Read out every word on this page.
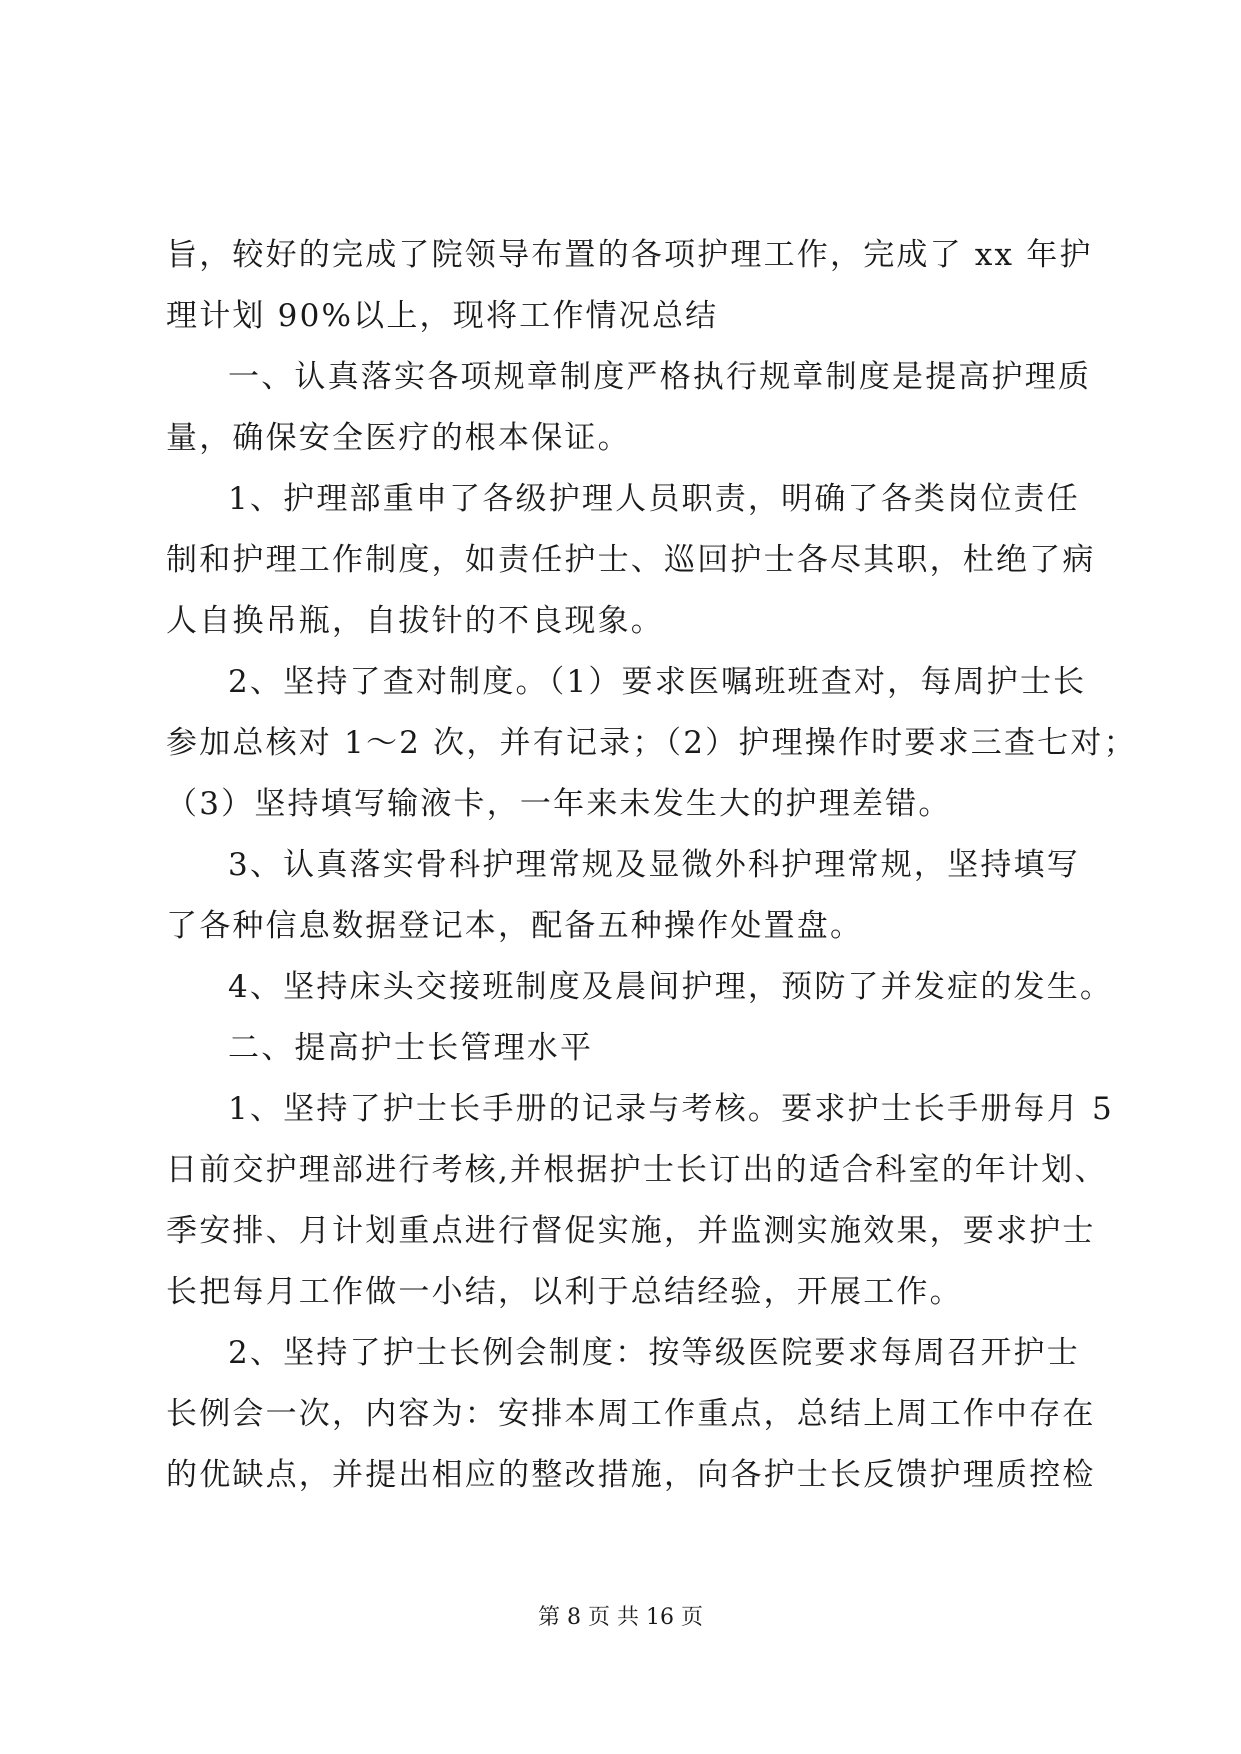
旨，较好的完成了院领导布置的各项护理工作，完成了 xx 年护
理计划 90%以上，现将工作情况总结
一、认真落实各项规章制度严格执行规章制度是提高护理质
量，确保安全医疗的根本保证。
1、护理部重申了各级护理人员职责，明确了各类岗位责任
制和护理工作制度，如责任护士、巡回护士各尽其职，杜绝了病
人自换吊瓶，自拔针的不良现象。
2、坚持了查对制度。（1）要求医嘱班班查对，每周护士长
参加总核对 1～2 次，并有记录；（2）护理操作时要求三查七对；
（3）坚持填写输液卡，一年来未发生大的护理差错。
3、认真落实骨科护理常规及显微外科护理常规，坚持填写
了各种信息数据登记本，配备五种操作处置盘。
4、坚持床头交接班制度及晨间护理，预防了并发症的发生。
二、提高护士长管理水平
1、坚持了护士长手册的记录与考核。要求护士长手册每月 5
日前交护理部进行考核,并根据护士长订出的适合科室的年计划、
季安排、月计划重点进行督促实施，并监测实施效果，要求护士
长把每月工作做一小结，以利于总结经验，开展工作。
2、坚持了护士长例会制度：按等级医院要求每周召开护士
长例会一次，内容为：安排本周工作重点，总结上周工作中存在
的优缺点，并提出相应的整改措施，向各护士长反馈护理质控检
第 8 页 共 16 页
